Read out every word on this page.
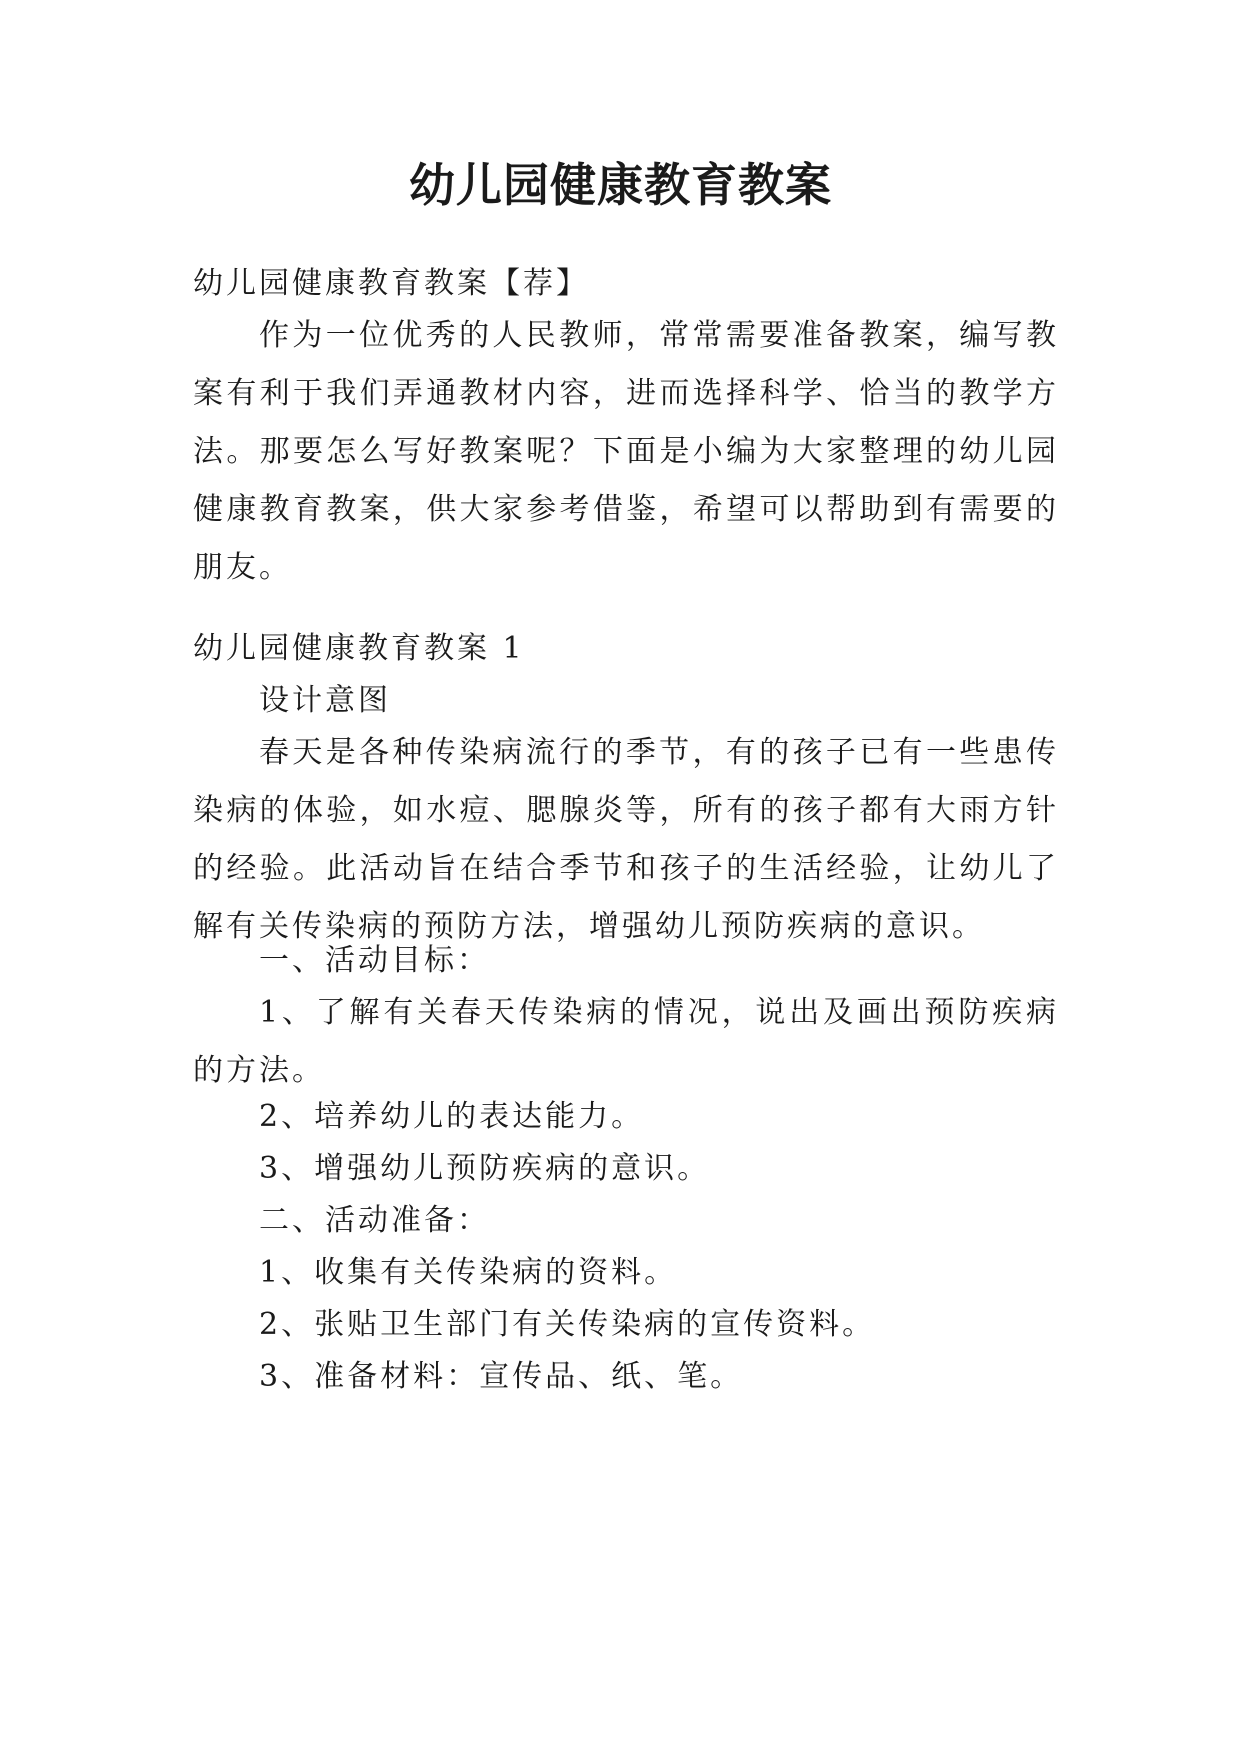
幼儿园健康教育教案
幼儿园健康教育教案【荐】
作为一位优秀的人民教师，常常需要准备教案，编写教案有利于我们弄通教材内容，进而选择科学、恰当的教学方法。那要怎么写好教案呢？下面是小编为大家整理的幼儿园健康教育教案，供大家参考借鉴，希望可以帮助到有需要的朋友。
幼儿园健康教育教案 1
设计意图
春天是各种传染病流行的季节，有的孩子已有一些患传染病的体验，如水痘、腮腺炎等，所有的孩子都有大雨方针的经验。此活动旨在结合季节和孩子的生活经验，让幼儿了解有关传染病的预防方法，增强幼儿预防疾病的意识。
一、活动目标：
1、了解有关春天传染病的情况，说出及画出预防疾病的方法。
2、培养幼儿的表达能力。
3、增强幼儿预防疾病的意识。
二、活动准备：
1、收集有关传染病的资料。
2、张贴卫生部门有关传染病的宣传资料。
3、准备材料：宣传品、纸、笔。
